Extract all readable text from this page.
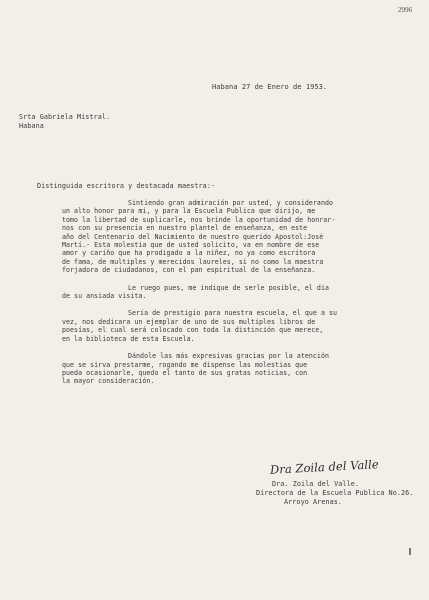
2996
Habana 27 de Enero de 1953.
Srta Gabriela Mistral.
Habana
Distinguida escritora y destacada maestra:-
Sintiendo gran admiración por usted, y considerando
un alto honor para mi, y para la Escuela Publica que dirijo, me
tomo la libertad de suplicarle, nos brinde la oportunidad de honrar-
nos con su presencia en nuestro plantel de enseñanza, en este
año del Centenario del Nacimiento de nuestro querido Apostol:José
Martí.- Esta molestia que de usted solicito, va en nombre de ese
amor y cariño que ha prodigado a la niñez, no ya como escritora
de fama, de multiples y merecidos laureles, si no como la maestra
forjadora de ciudadanos, con el pan espiritual de la enseñanza.
Le ruego pues, me indique de serle posible, el dia
de su ansiada visita.
Sería de prestigio para nuestra escuela, el que a su
vez, nos dedicara un ejemplar de uno de sus multiples libros de
poesías, el cual será colocado con toda la distinción que merece,
en la biblioteca de esta Escuela.
Dándole las más expresivas gracias por la atención
que se sirva prestarme, rogando me dispense las molestias que
pueda ocasionarle, quedo el tanto de sus gratas noticias, con
la mayor consideración.
Dra Zoila del Valle
Dra. Zoila del Valle.
Directora de la Escuela Publica No.26.
Arroyo Arenas.
